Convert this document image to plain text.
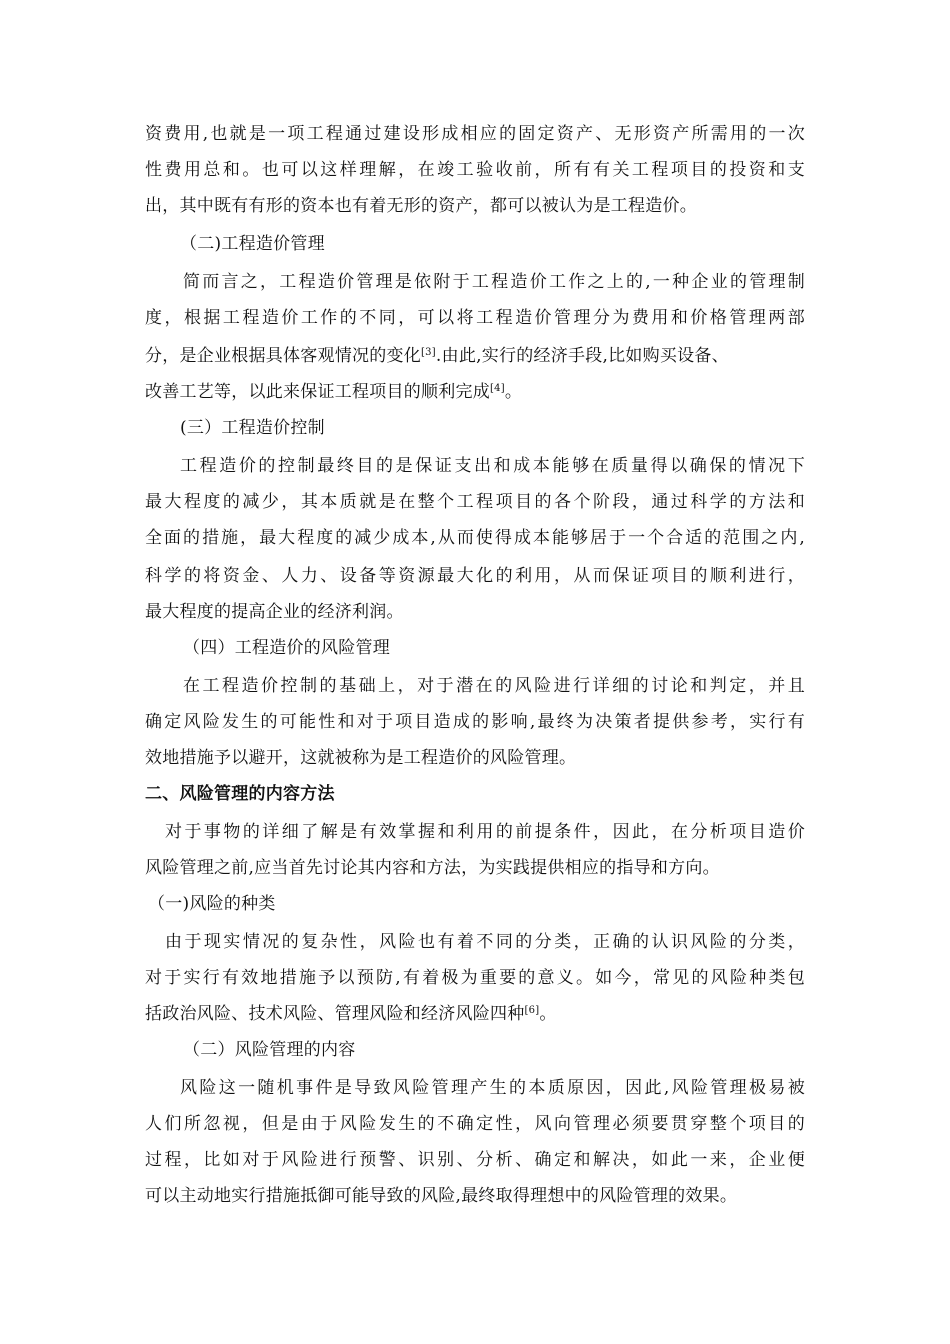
资费用,也就是一项工程通过建设形成相应的固定资产、无形资产所需用的一次
性费用总和。也可以这样理解，在竣工验收前，所有有关工程项目的投资和支
出，其中既有有形的资本也有着无形的资产，都可以被认为是工程造价。
（二)工程造价管理
简而言之，工程造价管理是依附于工程造价工作之上的,一种企业的管理制
度，根据工程造价工作的不同，可以将工程造价管理分为费用和价格管理两部
分，是企业根据具体客观情况的变化[3].由此,实行的经济手段,比如购买设备、
改善工艺等，以此来保证工程项目的顺利完成[4]。
(三）工程造价控制
工程造价的控制最终目的是保证支出和成本能够在质量得以确保的情况下
最大程度的减少，其本质就是在整个工程项目的各个阶段，通过科学的方法和
全面的措施，最大程度的减少成本,从而使得成本能够居于一个合适的范围之内,
科学的将资金、人力、设备等资源最大化的利用，从而保证项目的顺利进行，
最大程度的提高企业的经济利润。
（四）工程造价的风险管理
在工程造价控制的基础上，对于潜在的风险进行详细的讨论和判定，并且
确定风险发生的可能性和对于项目造成的影响,最终为决策者提供参考，实行有
效地措施予以避开，这就被称为是工程造价的风险管理。
二、风险管理的内容方法
对于事物的详细了解是有效掌握和利用的前提条件，因此，在分析项目造价
风险管理之前,应当首先讨论其内容和方法，为实践提供相应的指导和方向。
（一)风险的种类
由于现实情况的复杂性，风险也有着不同的分类，正确的认识风险的分类，
对于实行有效地措施予以预防,有着极为重要的意义。如今，常见的风险种类包
括政治风险、技术风险、管理风险和经济风险四种[6]。
（二）风险管理的内容
风险这一随机事件是导致风险管理产生的本质原因，因此,风险管理极易被
人们所忽视，但是由于风险发生的不确定性，风向管理必须要贯穿整个项目的
过程，比如对于风险进行预警、识别、分析、确定和解决，如此一来，企业便
可以主动地实行措施抵御可能导致的风险,最终取得理想中的风险管理的效果。
